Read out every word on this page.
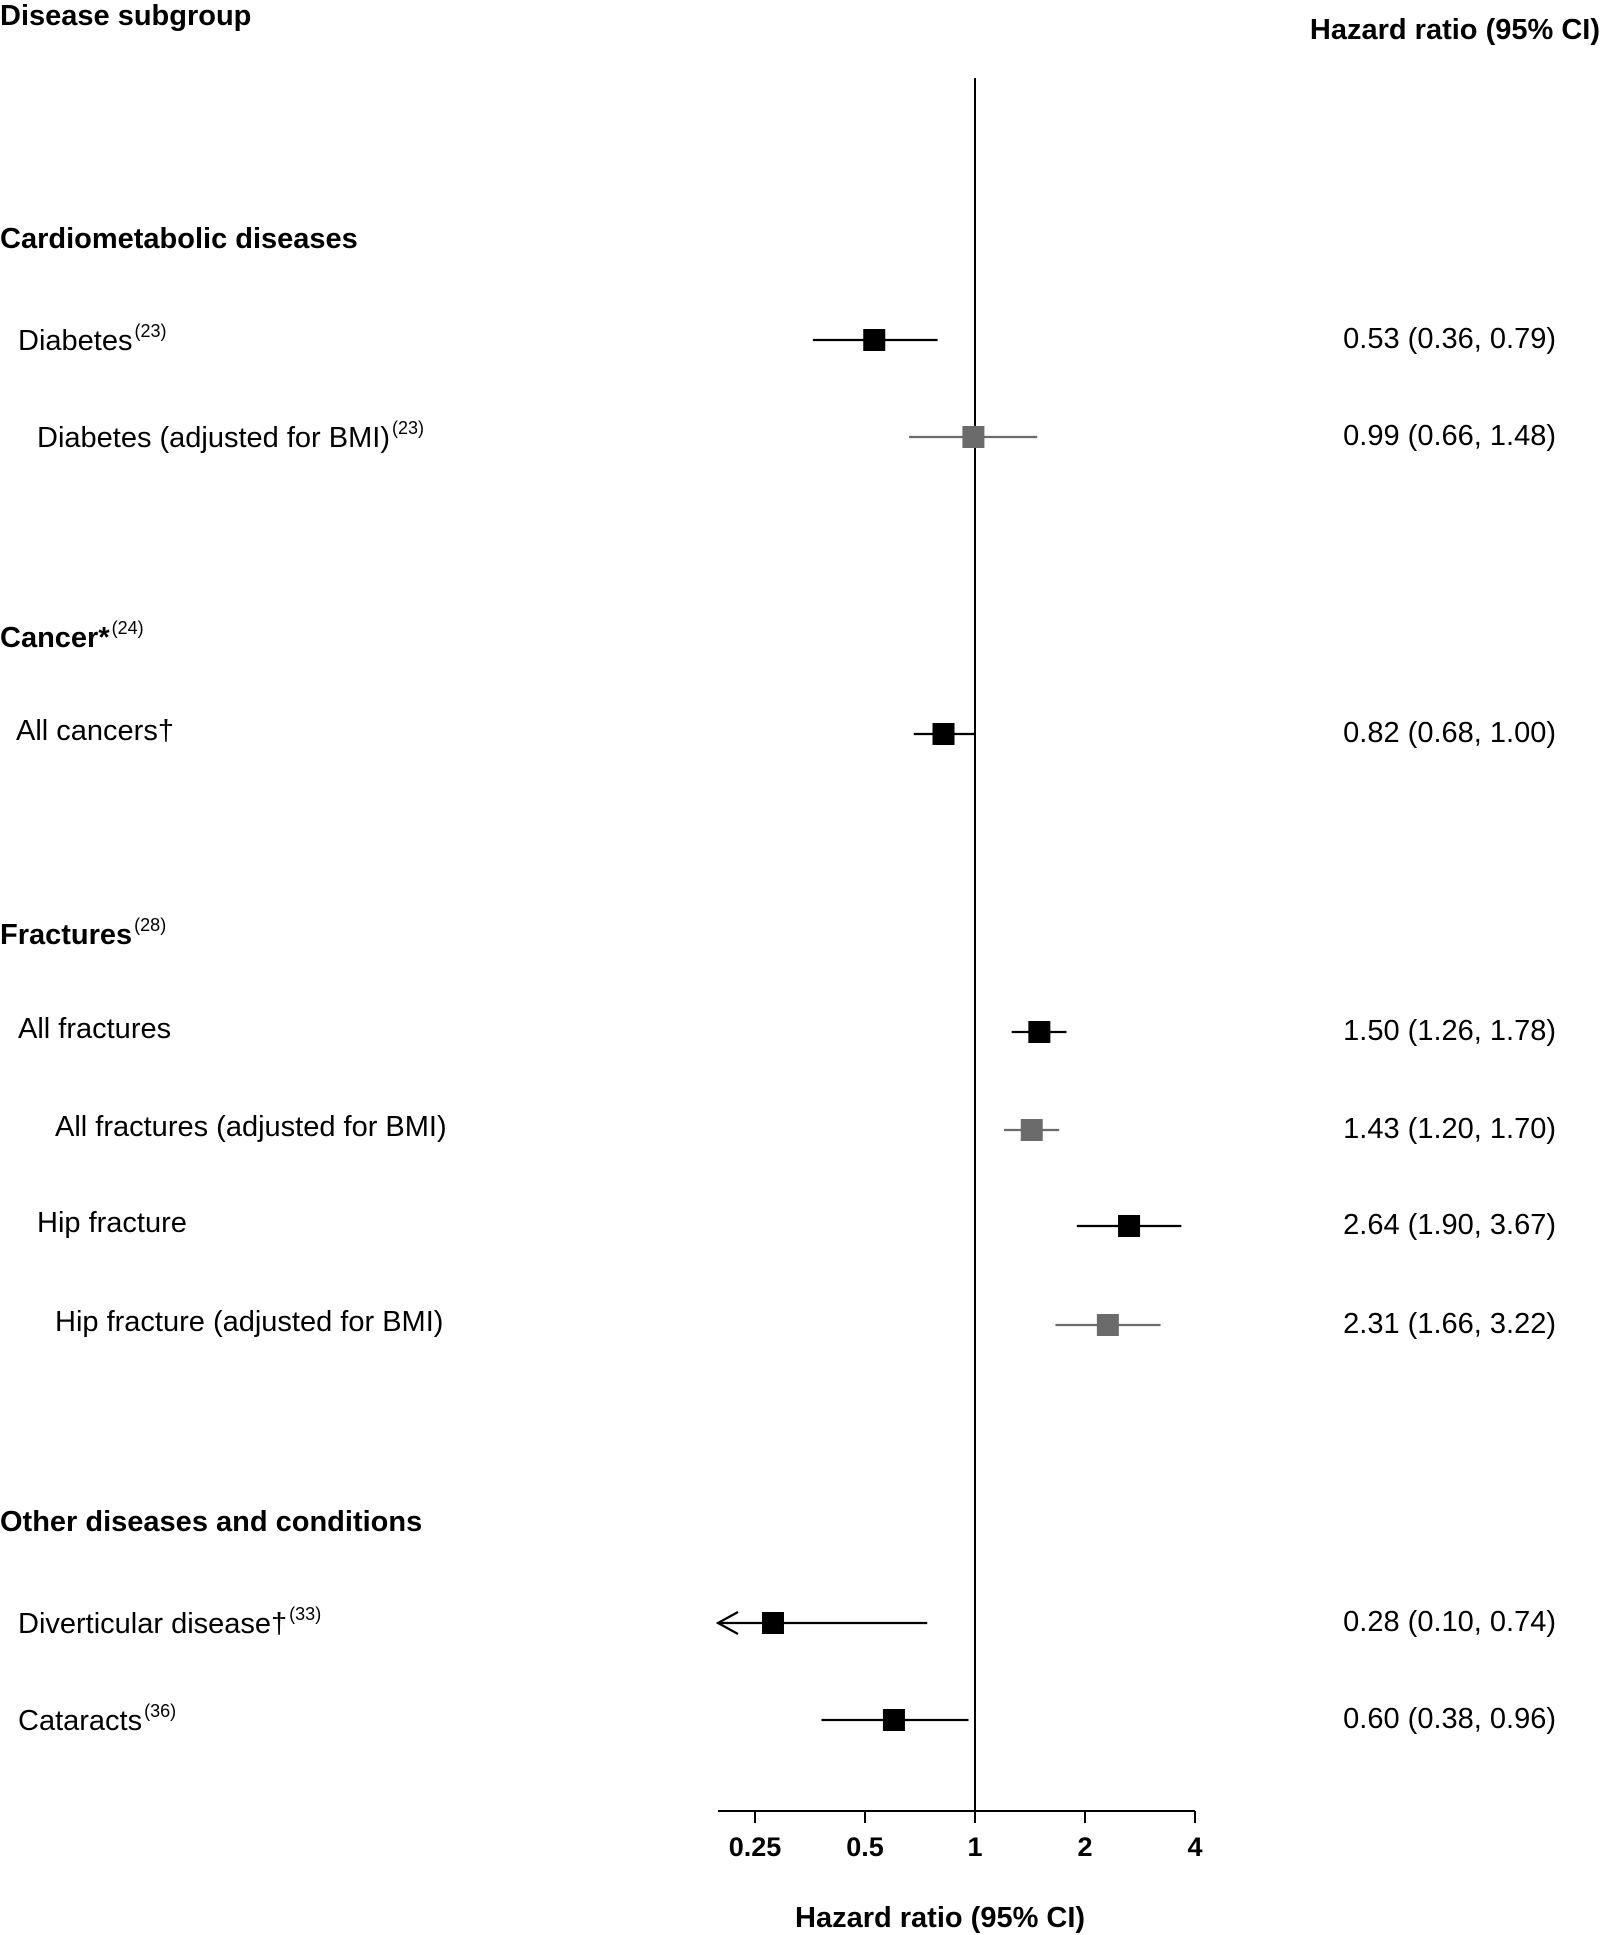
Disease subgroup	Hazard ratio (95% CI)
Cardiometabolic diseases
Diabetes $^{(23)}$	0.53 (0.36, 0.79)
Diabetes (adjusted for BMI) $^{(23)}$	0.99 (0.66, 1.48)
Cancer* $^{(24)}$
All cancers†	0.82 (0.68, 1.00)
Fractures $^{(28)}$
All fractures	1.50 (1.26, 1.78)
All fractures (adjusted for BMI)	1.43 (1.20, 1.70)
Hip fracture	2.64 (1.90, 3.67)
Hip fracture (adjusted for BMI)	2.31 (1.66, 3.22)
Other diseases and conditions
Diverticular disease† $^{(33)}$	0.28 (0.10, 0.74)
Cataracts $^{(36)}$	0.60 (0.38, 0.96)
0.25 0.5	1	2	4
Hazard ratio (95% CI)
